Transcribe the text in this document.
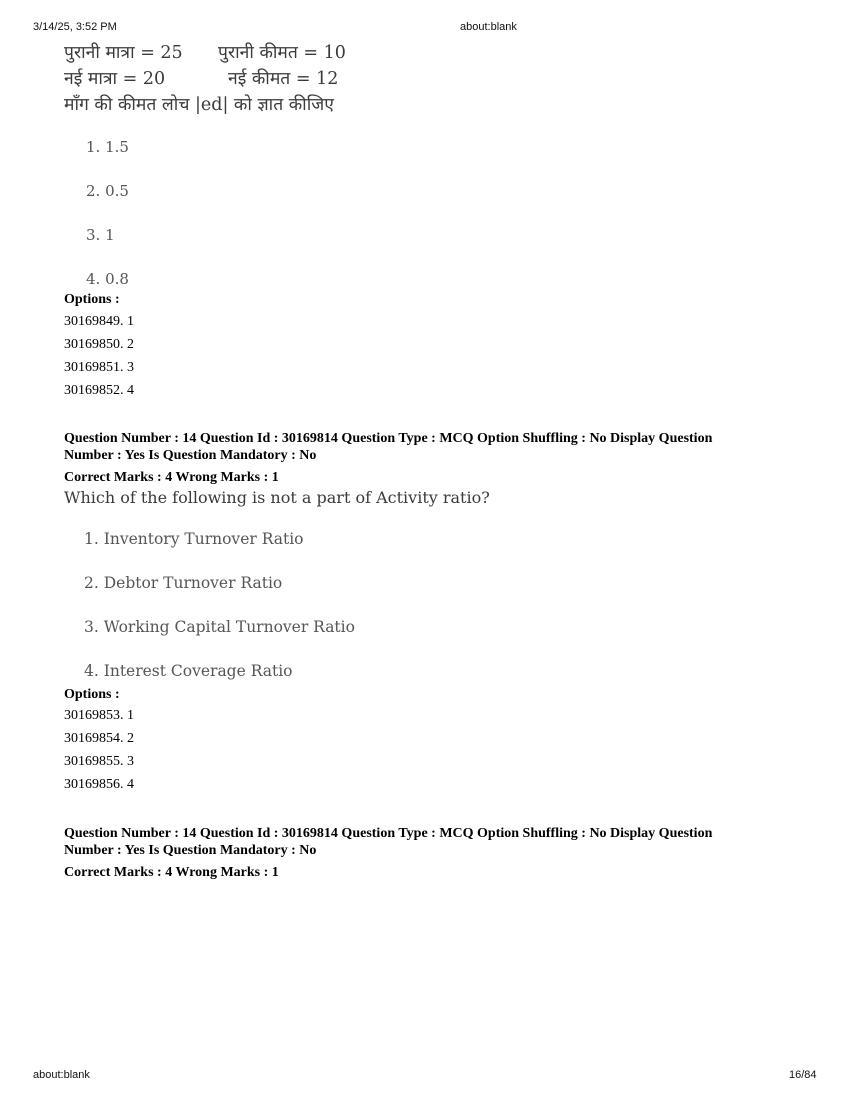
3/14/25, 3:52 PM	about:blank
पुरानी मात्रा = 25 पुरानी कीमत = 10
नई मात्रा = 20	नई कीमत = 12
माँग की कीमत लोच |ed| को ज्ञात कीजिए
1. 1.5
2. 0.5
3. 1
4. 0.8
Options :
30169849. 1
30169850. 2
30169851. 3
30169852. 4
Question Number : 14 Question Id : 30169814 Question Type : MCQ Option Shuffling : No Display Question
Number : Yes Is Question Mandatory : No
Correct Marks : 4 Wrong Marks : 1
Which of the following is not a part of Activity ratio?
1. Inventory Turnover Ratio
2. Debtor Turnover Ratio
3. Working Capital Turnover Ratio
4. Interest Coverage Ratio
Options :
30169853. 1
30169854. 2
30169855. 3
30169856. 4
Question Number : 14 Question Id : 30169814 Question Type : MCQ Option Shuffling : No Display Question
Number : Yes Is Question Mandatory : No
Correct Marks : 4 Wrong Marks : 1
about:blank	16/84
